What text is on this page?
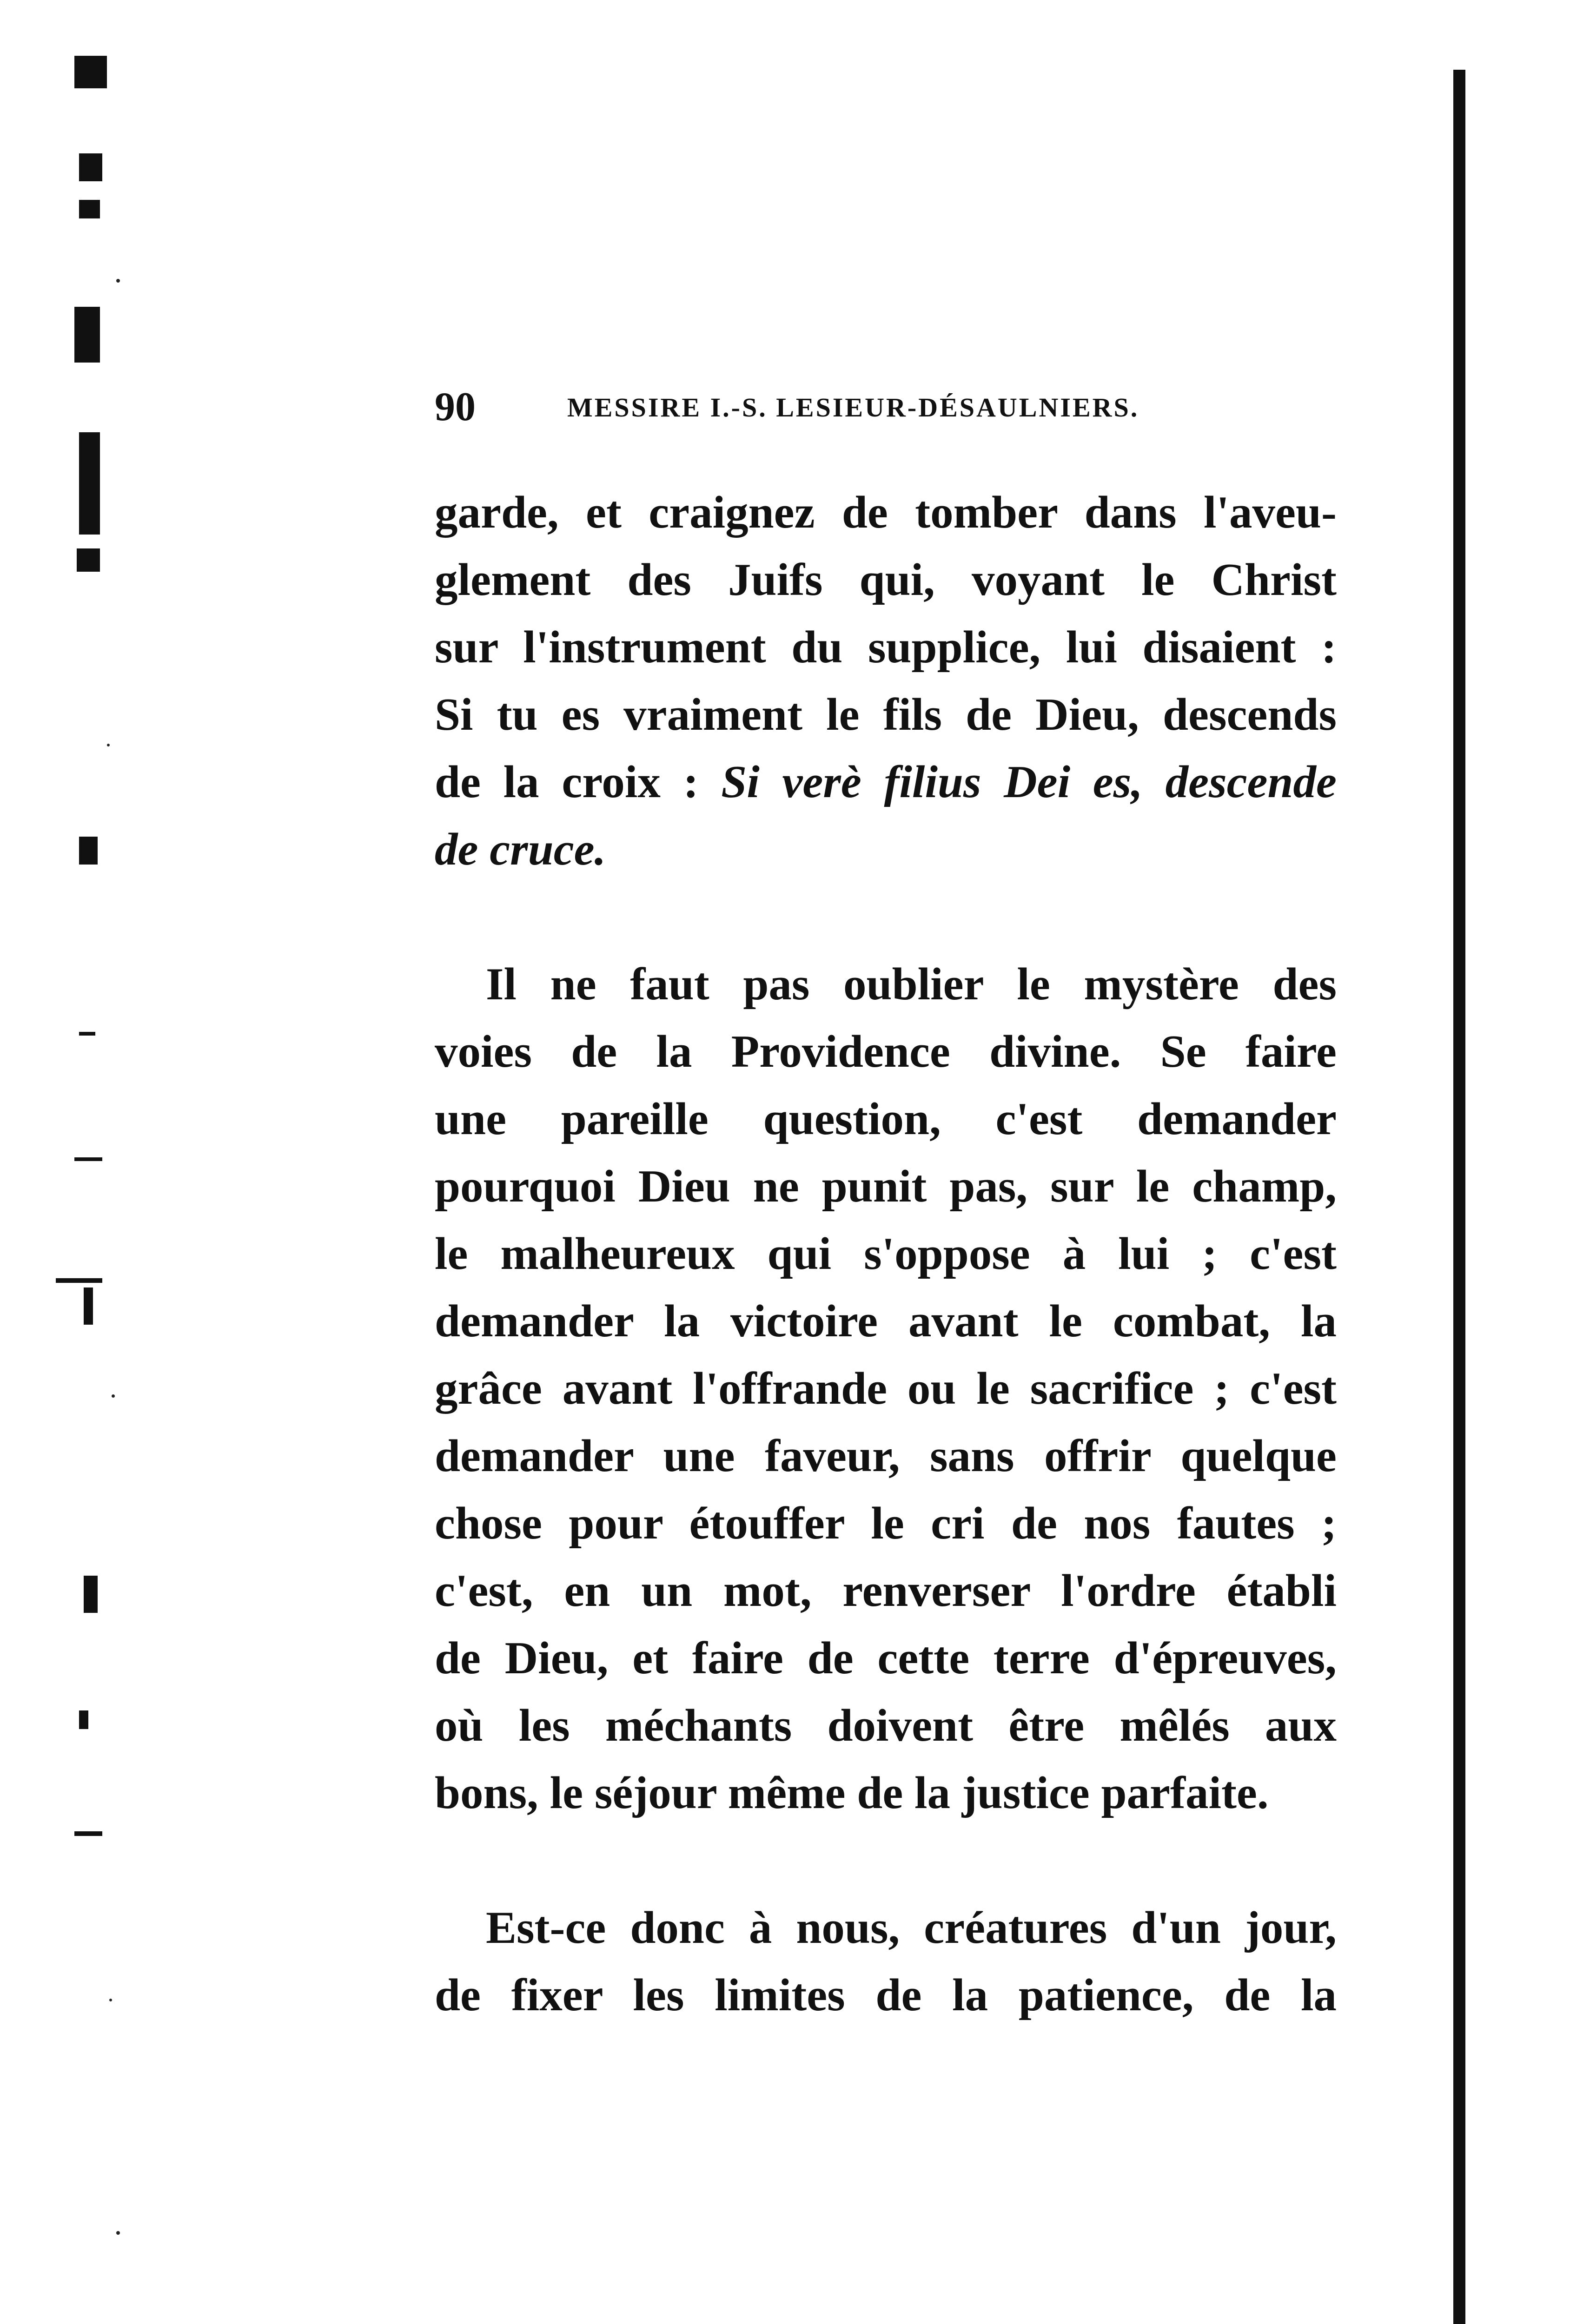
90	MESSIRE I.-S. LESIEUR-DÉSAULNIERS.
garde, et craignez de tomber dans l'aveu-
glement des Juifs qui, voyant le Christ
sur l'instrument du supplice, lui disaient :
Si tu es vraiment le fils de Dieu, descends
de la croix : Si verè filius Dei es, descende
de cruce.
Il ne faut pas oublier le mystère des
voies de la Providence divine. Se faire
une pareille question, c'est demander
pourquoi Dieu ne punit pas, sur le champ,
le malheureux qui s'oppose à lui ; c'est
demander la victoire avant le combat, la
grâce avant l'offrande ou le sacrifice ; c'est
demander une faveur, sans offrir quelque
chose pour étouffer le cri de nos fautes ;
c'est, en un mot, renverser l'ordre établi
de Dieu, et faire de cette terre d'épreuves,
où les méchants doivent être mêlés aux
bons, le séjour même de la justice parfaite.
Est-ce donc à nous, créatures d'un jour,
de fixer les limites de la patience, de la
